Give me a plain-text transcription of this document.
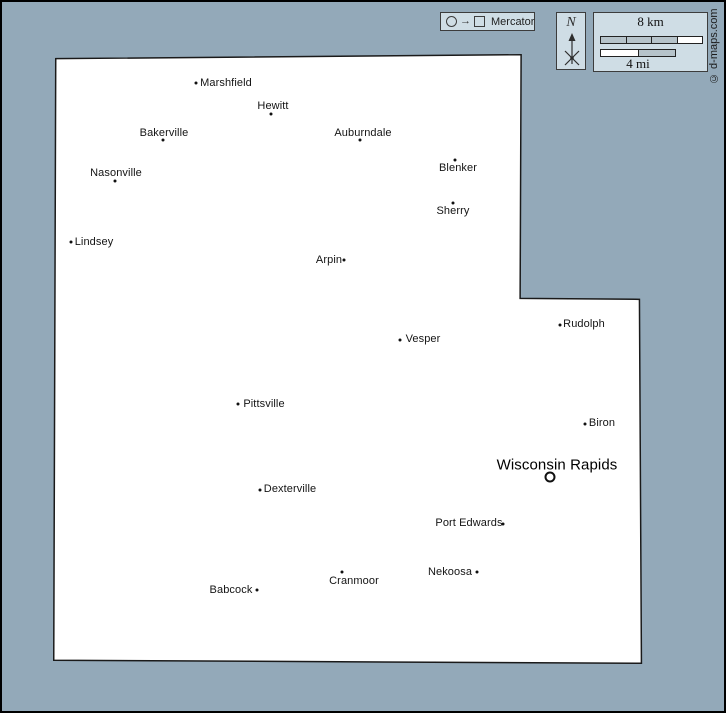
Marshfield
Hewitt
Bakerville	Auburndale
Nasonville	Blenker
Sherry
Lindsey
Arpin
Vesper
Rudolph
Pittsville
Biron
Wisconsin Rapids
Dexterville
Port Edwards
Nekoosa
Cranmoor
Babcock
→ Mercator	N	8 km
4 mi	© d-maps.com
